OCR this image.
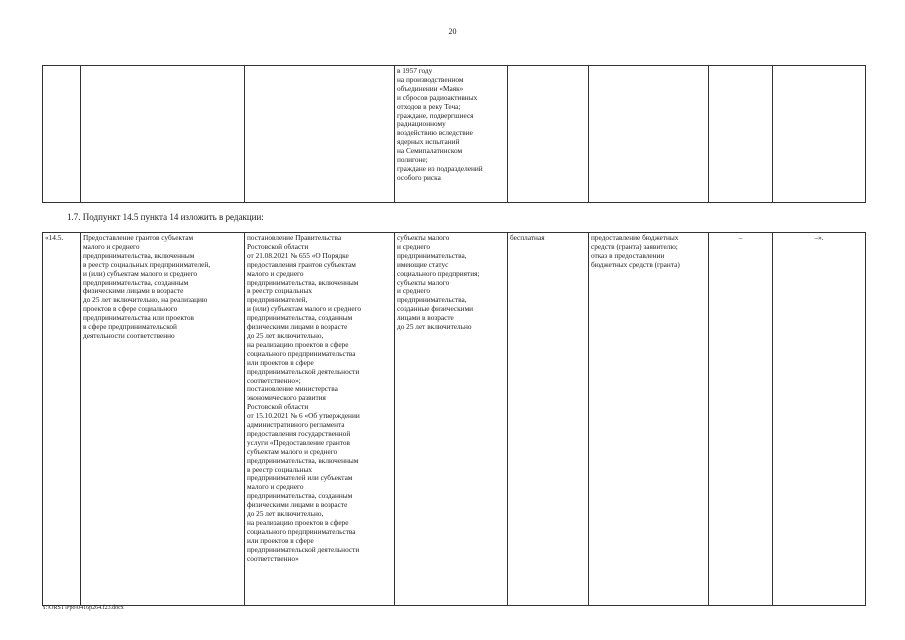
20
			в 1957 году
на производственном
объединении «Маяк»
и сбросов радиоактивных
отходов в реку Теча;
граждане, подвергшиеся
радиационному
воздействию вследствие
ядерных испытаний
на Семипалатинском
полигоне;
граждане из подразделений
особого риска				
1.7. Подпункт 14.5 пункта 14 изложить в редакции:
«14.5.	Предоставление грантов субъектам
малого и среднего
предпринимательства, включенным
в реестр социальных предпринимателей,
и (или) субъектам малого и среднего
предпринимательства, созданным
физическими лицами в возрасте
до 25 лет включительно, на реализацию
проектов в сфере социального
предпринимательства или проектов
в сфере предпринимательской
деятельности соответственно	постановление Правительства
Ростовской области
от 21.08.2021 № 655 «О Порядке
предоставления грантов субъектам
малого и среднего
предпринимательства, включенным
в реестр социальных
предпринимателей,
и (или) субъектам малого и среднего
предпринимательства, созданным
физическими лицами в возрасте
до 25 лет включительно,
на реализацию проектов в сфере
социального предпринимательства
или проектов в сфере
предпринимательской деятельности
соответственно»;
постановление министерства
экономического развития
Ростовской области
от 15.10.2021 № 6 «Об утверждении
административного регламента
предоставления государственной
услуги «Предоставление грантов
субъектам малого и среднего
предпринимательства, включенным
в реестр социальных
предпринимателей или субъектам
малого и среднего
предпринимательства, созданным
физическими лицами в возрасте
до 25 лет включительно,
на реализацию проектов в сфере
социального предпринимательства
или проектов в сфере
предпринимательской деятельности
соответственно»	субъекты малого
и среднего
предпринимательства,
имеющие статус
социального предприятия;
субъекты малого
и среднего
предпринимательства,
созданные физическими
лицами в возрасте
до 25 лет включительно	бесплатная	предоставление бюджетных
средств (гранта) заявителю;
отказ в предоставлении
бюджетных средств (гранта)	–	–».
Y:\ORST\Ppo\0416p264.f23.docx
